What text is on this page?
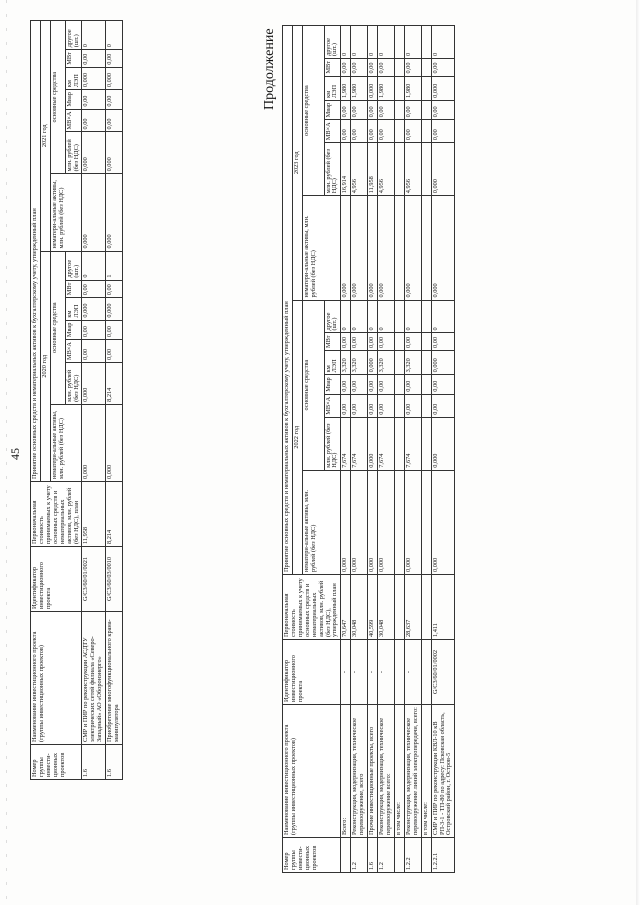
45
Номер группы инвести-ционных проектов	Наименование инвестиционного проекта (группы инвестиционных проектов)	Идентификатор инвестиционного проекта	Первоначальная стоимость принимаемых к учету основных средств и нематериальных активов, млн. рублей (без НДС), план	Принятие основных средств и нематериальных активов к бухгалтерскому учету, утвержденный план													
				2020 год							2021 год						
				нематери-альные активы, млн. рублей (без НДС)	основные средства						нематери-альные активы, млн. рублей (без НДС)	основные средства					
					млн. рублей (без НДС)	МВ×А	Мвар	км ЛЭП	МВт	другое (шт.)		млн. рублей (без НДС)	МВ×А	Мвар	км ЛЭП	МВт	другое (шт.)
1.6	СМР и ПИР по реконструкции АСДТУ электрических сетей филиала «Северо-Западный» АО «Оборонэнерго»	G/C3/60/01/0021	11,958	0,000	0,000	0,00	0,00	0,000	0,00	0	0,000	0,000	0,00	0,00	0,000	0,00	0
1.6	Приобретение многофункционального крана-манипулятора	G/C3/60/03/0010	8,214	0,000	8,214	0,00	0,00	0,000	0,00	1	0,000	0,000	0,00	0,00	0,000	0,00	0	Продолжение
Номер группы инвести-ционных проектов	Наименование инвестиционного проекта (группы инвестиционных проектов)	Идентификатор инвестиционного проекта	Первоначальная стоимость принимаемых к учету основных средств и нематериальных активов, млн. рублей (без НДС), утвержденный план	Принятие основных средств и нематериальных активов к бухгалтерскому учету, утвержденный план													
				2022 год							2023 год						
				нематери-альные активы, млн. рублей (без НДС)	основные средства						нематери-альные активы, млн. рублей (без НДС)	основные средства					
					млн. рублей (без НДС)	МВ×А	Мвар	км ЛЭП	МВт	другое (шт.)		млн. рублей (без НДС)	МВ×А	Мвар	км ЛЭП	МВт	другое (шт.)
	Всего:	-	70,647	0,000	7,674	0,00	0,00	3,320	0,00	0	0,000	16,914	0,00	0,00	1,980	0,00	0
1.2	Реконструкция, модернизация, техническое перевооружение, всего	-	30,048	0,000	7,674	0,00	0,00	3,320	0,00	0	0,000	4,956	0,00	0,00	1,980	0,00	0
1.6	Прочие инвестиционные проекты, всего	-	40,599	0,000	0,000	0,00	0,00	0,000	0,00	0	0,000	11,958	0,00	0,00	0,000	0,00	0
1.2	Реконструкция, модернизация, техническое перевооружение всего:	-	30,048	0,000	7,674	0,00	0,00	3,320	0,00	0	0,000	4,956	0,00	0,00	1,980	0,00	0
	в том числе:																
1.2.2	Реконструкция, модернизация, техническое перевооружение линий электропередачи, всего:	-	28,637	0,000	7,674	0,00	0,00	3,320	0,00	0	0,000	4,956	0,00	0,00	1,980	0,00	0
	в том числе:																
1.2.2.1	СМР и ПИР по реконструкции КВЛ-10 кВ РП-3-1 - ТП-80 по адресу: Псковская область, Островский район, г. Остров-5	G/C3/60/01/0002	1,411	0,000	0,000	0,00	0,00	0,000	0,00	0	0,000	0,000	0,00	0,00	0,000	0,00	0
